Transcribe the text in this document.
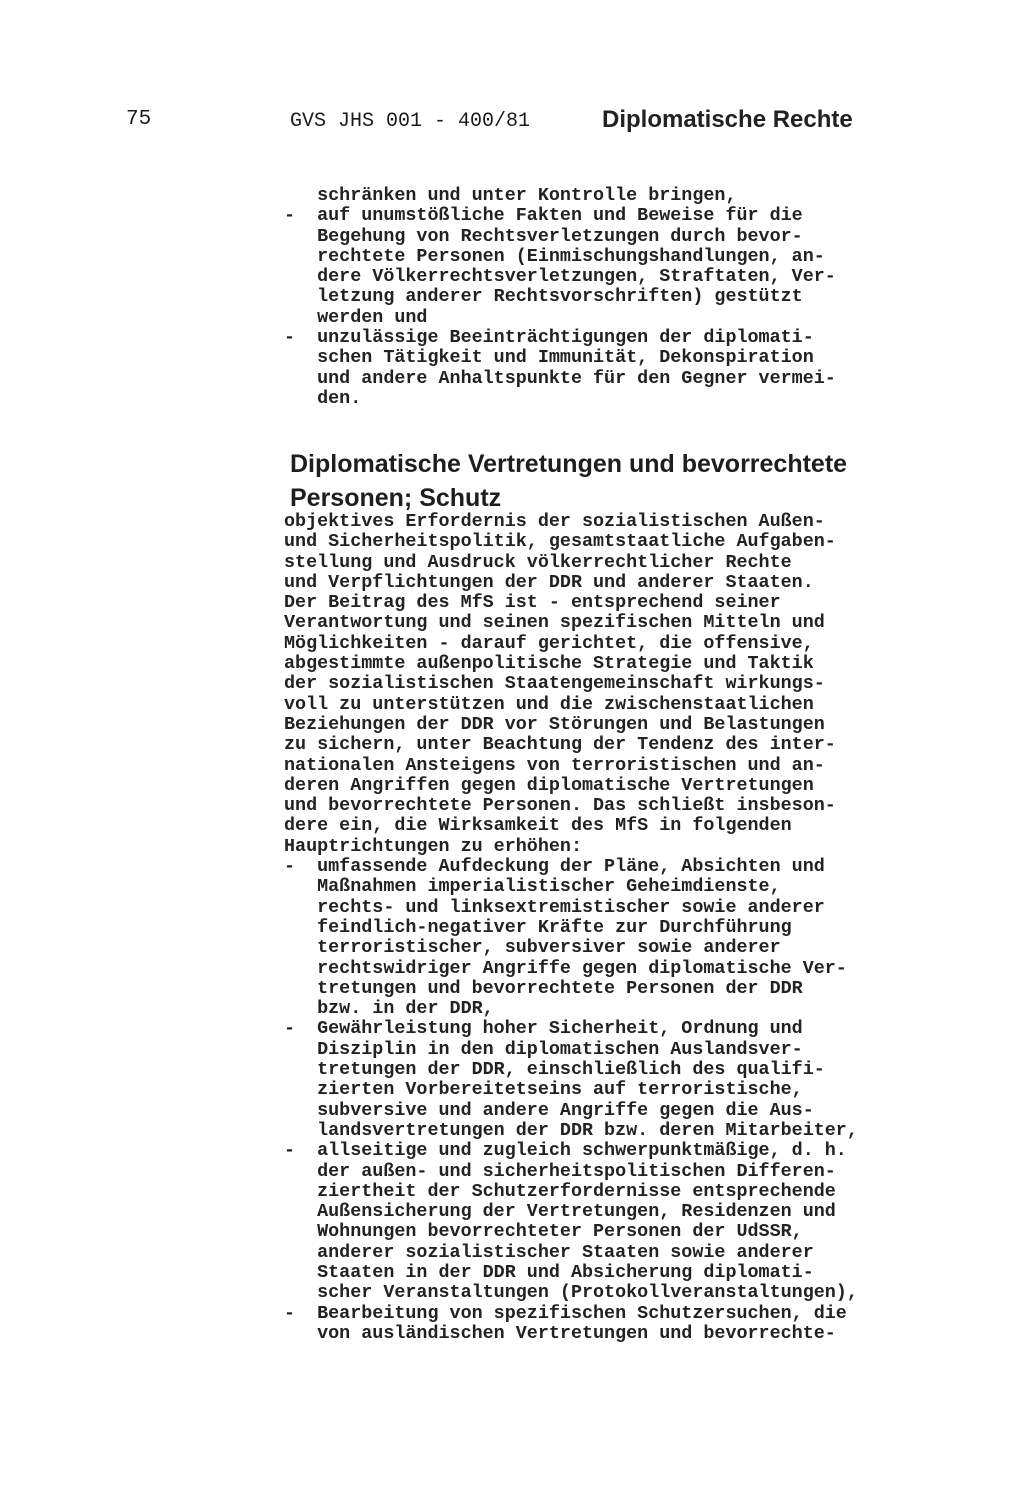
75	GVS JHS 001 - 400/81	Diplomatische Rechte
schränken und unter Kontrolle bringen,
-  auf unumstößliche Fakten und Beweise für die
Begehung von Rechtsverletzungen durch bevor-
rechtete Personen (Einmischungshandlungen, an-
dere Völkerrechtsverletzungen, Straftaten, Ver-
letzung anderer Rechtsvorschriften) gestützt
werden und
-  unzulässige Beeinträchtigungen der diplomati-
schen Tätigkeit und Immunität, Dekonspiration
und andere Anhaltspunkte für den Gegner vermei-
den.
Diplomatische Vertretungen und bevorrechtete
Personen; Schutz
objektives Erfordernis der sozialistischen Außen-
und Sicherheitspolitik, gesamtstaatliche Aufgaben-
stellung und Ausdruck völkerrechtlicher Rechte
und Verpflichtungen der DDR und anderer Staaten.
Der Beitrag des MfS ist - entsprechend seiner
Verantwortung und seinen spezifischen Mitteln und
Möglichkeiten - darauf gerichtet, die offensive,
abgestimmte außenpolitische Strategie und Taktik
der sozialistischen Staatengemeinschaft wirkungs-
voll zu unterstützen und die zwischenstaatlichen
Beziehungen der DDR vor Störungen und Belastungen
zu sichern, unter Beachtung der Tendenz des inter-
nationalen Ansteigens von terroristischen und an-
deren Angriffen gegen diplomatische Vertretungen
und bevorrechtete Personen. Das schließt insbeson-
dere ein, die Wirksamkeit des MfS in folgenden
Hauptrichtungen zu erhöhen:
-  umfassende Aufdeckung der Pläne, Absichten und
Maßnahmen imperialistischer Geheimdienste,
rechts- und linksextremistischer sowie anderer
feindlich-negativer Kräfte zur Durchführung
terroristischer, subversiver sowie anderer
rechtswidriger Angriffe gegen diplomatische Ver-
tretungen und bevorrechtete Personen der DDR
bzw. in der DDR,
-  Gewährleistung hoher Sicherheit, Ordnung und
Disziplin in den diplomatischen Auslandsver-
tretungen der DDR, einschließlich des qualifi-
zierten Vorbereitetseins auf terroristische,
subversive und andere Angriffe gegen die Aus-
landsvertretungen der DDR bzw. deren Mitarbeiter,
-  allseitige und zugleich schwerpunktmäßige, d. h.
der außen- und sicherheitspolitischen Differen-
ziertheit der Schutzerfordernisse entsprechende
Außensicherung der Vertretungen, Residenzen und
Wohnungen bevorrechteter Personen der UdSSR,
anderer sozialistischer Staaten sowie anderer
Staaten in der DDR und Absicherung diplomati-
scher Veranstaltungen (Protokollveranstaltungen),
-  Bearbeitung von spezifischen Schutzersuchen, die
von ausländischen Vertretungen und bevorrechte-
